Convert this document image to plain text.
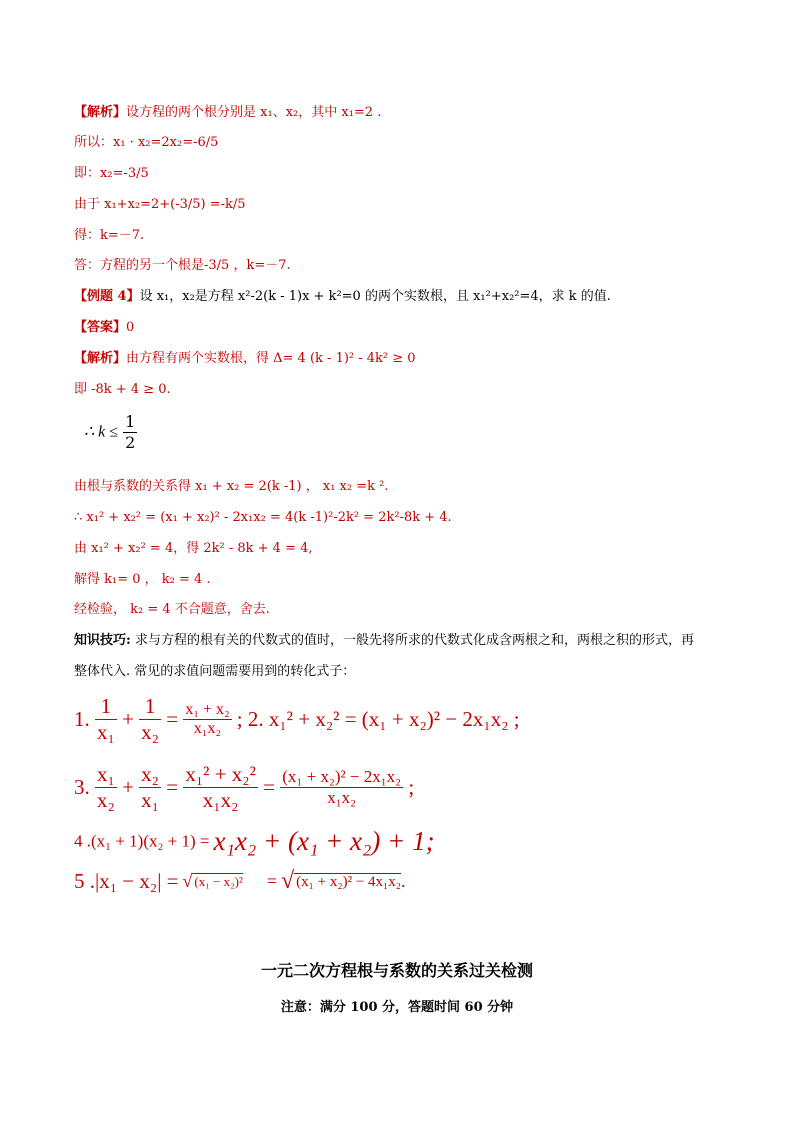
【解析】设方程的两个根分别是 x₁、x₂，其中 x₁=2 .
所以：x₁ · x₂=2x₂=-6/5
即：x₂=-3/5
由于 x₁+x₂=2+(-3/5) =-k/5
得：k=－7.
答：方程的另一个根是-3/5 ，k=－7.
【例题 4】设 x₁，x₂是方程 x²-2(k - 1)x + k²=0 的两个实数根，且 x₁²+x₂²=4，求 k 的值.
【答案】0
【解析】由方程有两个实数根，得 Δ= 4 (k - 1)² - 4k² ≥ 0
即 -8k + 4 ≥ 0.
∴ $k \le \frac{1}{2}$
由根与系数的关系得 x₁ + x₂ = 2(k -1) ， x₁ x₂ =k ².
∴ x₁² + x₂² = (x₁ + x₂)² - 2x₁x₂ = 4(k -1)²-2k² = 2k²-8k + 4.
由 x₁² + x₂² = 4，得 2k² - 8k + 4 = 4,
解得 k₁= 0 ， k₂ = 4 .
经检验， k₂ = 4 不合题意，舍去.
知识技巧: 求与方程的根有关的代数式的值时，一般先将所求的代数式化成含两根之和，两根之积的形式，再
整体代入. 常见的求值问题需要用到的转化式子：
1. $\frac{1}{\text{x₁}} + \frac{1}{\text{x₂}} = \frac{\text{x₁ + x₂}}{\text{x₁x₂}}$ ; 2. x₁² + x₂² = (x₁ + x₂)² − 2x₁x₂ ;
3. $\frac{\text{x₁}}{\text{x₂}} + \frac{\text{x₂}}{\text{x₁}} = \frac{\text{x₁² + x₂²}}{\text{x₁x₂}} = \frac{\text{(x₁ + x₂)² − 2x₁x₂}}{\text{x₁x₂}}$ ;
4 .(x₁ + 1)(x₂ + 1) = x₁x₂ + (x₁ + x₂) + 1;
5 .|x₁ − x₂| = √ (x₁ − x₂)² = √ (x₁ + x₂)² − 4x₁x₂.
一元二次方程根与系数的关系过关检测
注意：满分 100 分，答题时间 60 分钟
